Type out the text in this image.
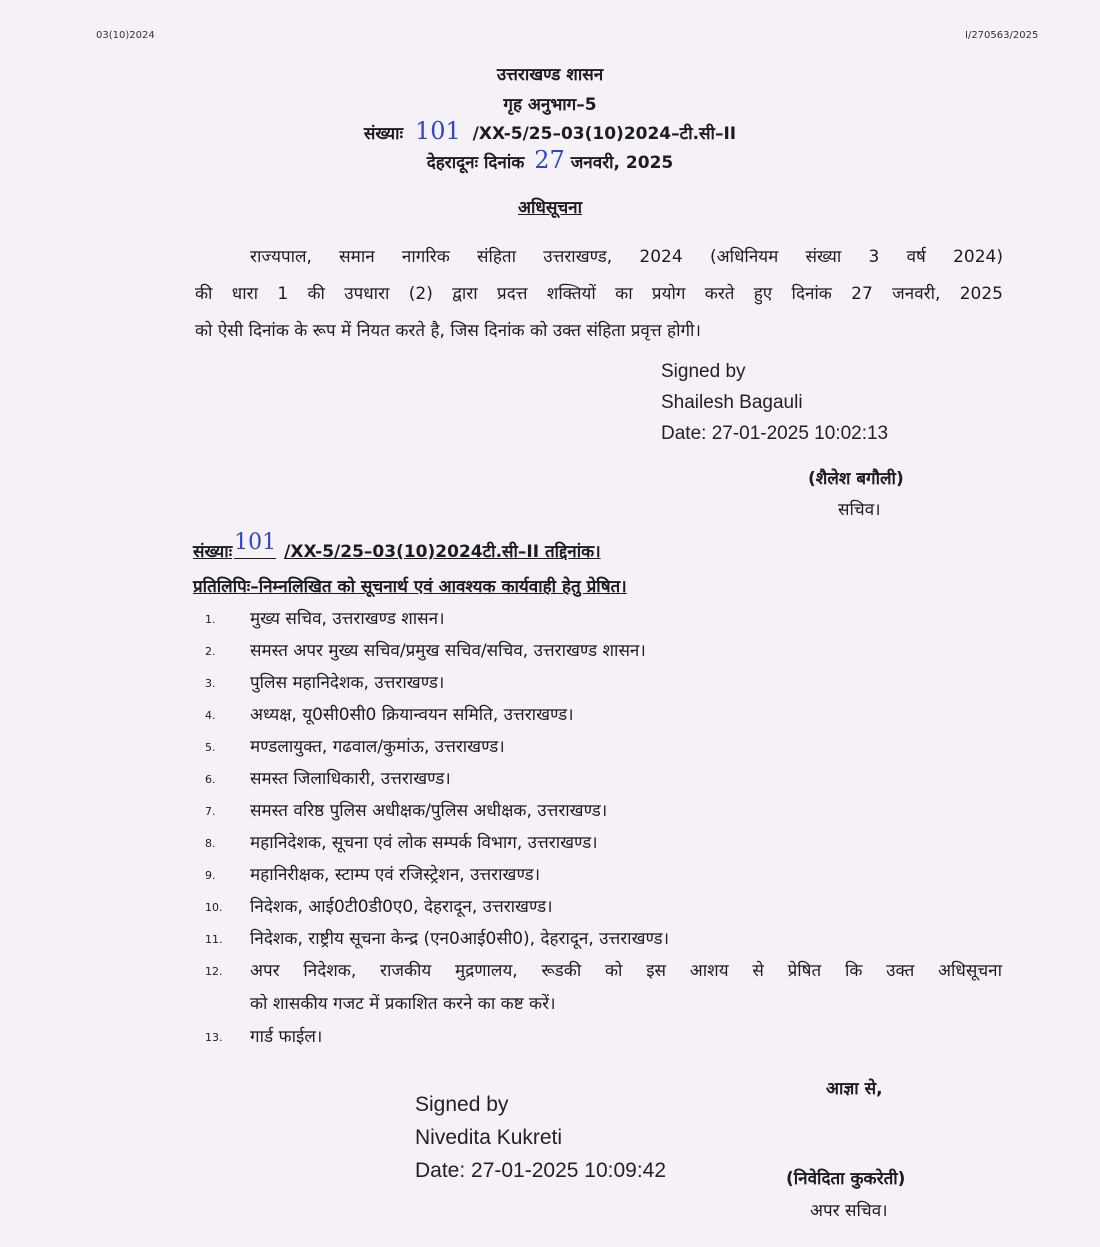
03(10)2024	I/270563/2025
उत्तराखण्ड शासन
गृह अनुभाग–5
संख्याः 101 /XX-5/25–03(10)2024–टी.सी–II
देहरादूनः दिनांक 27 जनवरी, 2025
अधिसूचना
राज्यपाल, समान नागरिक संहिता उत्तराखण्ड, 2024 (अधिनियम संख्या 3 वर्ष 2024)
की धारा 1 की उपधारा (2) द्वारा प्रदत्त शक्तियों का प्रयोग करते हुए दिनांक 27 जनवरी, 2025
को ऐसी दिनांक के रूप में नियत करते है, जिस दिनांक को उक्त संहिता प्रवृत्त होगी।
Signed by
Shailesh Bagauli
Date: 27-01-2025 10:02:13
(शैलेश बगौली)
सचिव।
संख्याः101 /XX-5/25–03(10)2024टी.सी–II तद्दिनांक।
प्रतिलिपिः–निम्नलिखित को सूचनार्थ एवं आवश्यक कार्यवाही हेतु प्रेषित।
1. मुख्य सचिव, उत्तराखण्ड शासन।
2. समस्त अपर मुख्य सचिव/प्रमुख सचिव/सचिव, उत्तराखण्ड शासन।
3. पुलिस महानिदेशक, उत्तराखण्ड।
4. अध्यक्ष, यू0सी0सी0 क्रियान्वयन समिति, उत्तराखण्ड।
5. मण्डलायुक्त, गढवाल/कुमांऊ, उत्तराखण्ड।
6. समस्त जिलाधिकारी, उत्तराखण्ड।
7. समस्त वरिष्ठ पुलिस अधीक्षक/पुलिस अधीक्षक, उत्तराखण्ड।
8. महानिदेशक, सूचना एवं लोक सम्पर्क विभाग, उत्तराखण्ड।
9. महानिरीक्षक, स्टाम्प एवं रजिस्ट्रेशन, उत्तराखण्ड।
10. निदेशक, आई0टी0डी0ए0, देहरादून, उत्तराखण्ड।
11. निदेशक, राष्ट्रीय सूचना केन्द्र (एन0आई0सी0), देहरादून, उत्तराखण्ड।
12. अपर निदेशक, राजकीय मुद्रणालय, रूडकी को इस आशय से प्रेषित कि उक्त अधिसूचना
को शासकीय गजट में प्रकाशित करने का कष्ट करें।
13. गार्ड फाईल।
आज्ञा से,
Signed by
Nivedita Kukreti
Date: 27-01-2025 10:09:42	(निवेदिता कुकरेती)
अपर सचिव।
